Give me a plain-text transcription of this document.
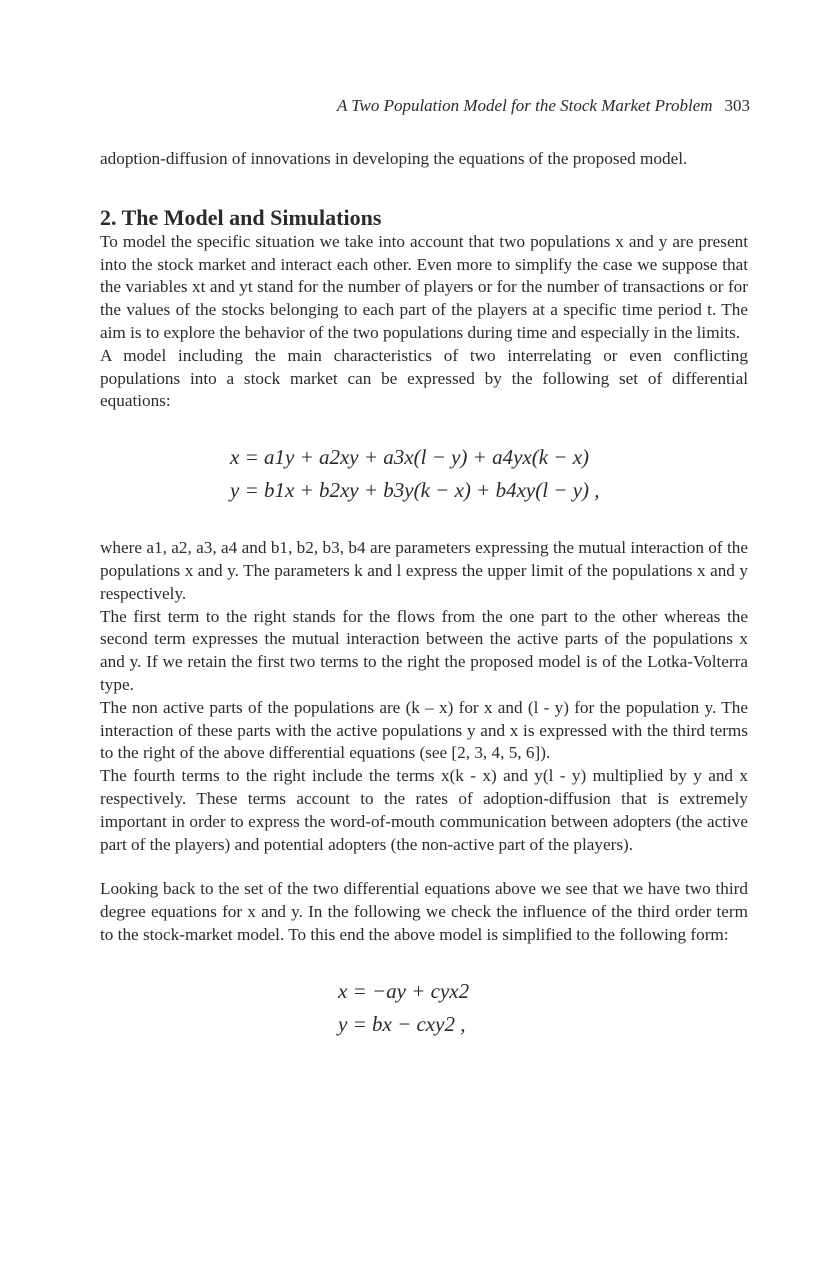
A Two Population Model for the Stock Market Problem 303

adoption-diffusion of innovations in developing the equations of the proposed model.

2. The Model and Simulations

To model the specific situation we take into account that two populations x and y are present into the stock market and interact each other. Even more to simplify the case we suppose that the variables xt and yt stand for the number of players or for the number of transactions or for the values of the stocks belonging to each part of the players at a specific time period t. The aim is to explore the behavior of the two populations during time and especially in the limits.

A model including the main characteristics of two interrelating or even conflicting populations into a stock market can be expressed by the following set of differential equations:

x = a1y + a2xy + a3x(l − y) + a4yx(k − x)
y = b1x + b2xy + b3y(k − x) + b4xy(l − y) ,

where a1, a2, a3, a4 and b1, b2, b3, b4 are parameters expressing the mutual interaction of the populations x and y. The parameters k and l express the upper limit of the populations x and y respectively.

The first term to the right stands for the flows from the one part to the other whereas the second term expresses the mutual interaction between the active parts of the populations x and y. If we retain the first two terms to the right the proposed model is of the Lotka-Volterra type.

The non active parts of the populations are (k – x) for x and (l - y) for the population y. The interaction of these parts with the active populations y and x is expressed with the third terms to the right of the above differential equations (see [2, 3, 4, 5, 6]).

The fourth terms to the right include the terms x(k - x) and y(l - y) multiplied by y and x respectively. These terms account to the rates of adoption-diffusion that is extremely important in order to express the word-of-mouth communication between adopters (the active part of the players) and potential adopters (the non-active part of the players).

Looking back to the set of the two differential equations above we see that we have two third degree equations for x and y. In the following we check the influence of the third order term to the stock-market model. To this end the above model is simplified to the following form:

x = −ay + cyx2
y = bx − cxy2 ,
